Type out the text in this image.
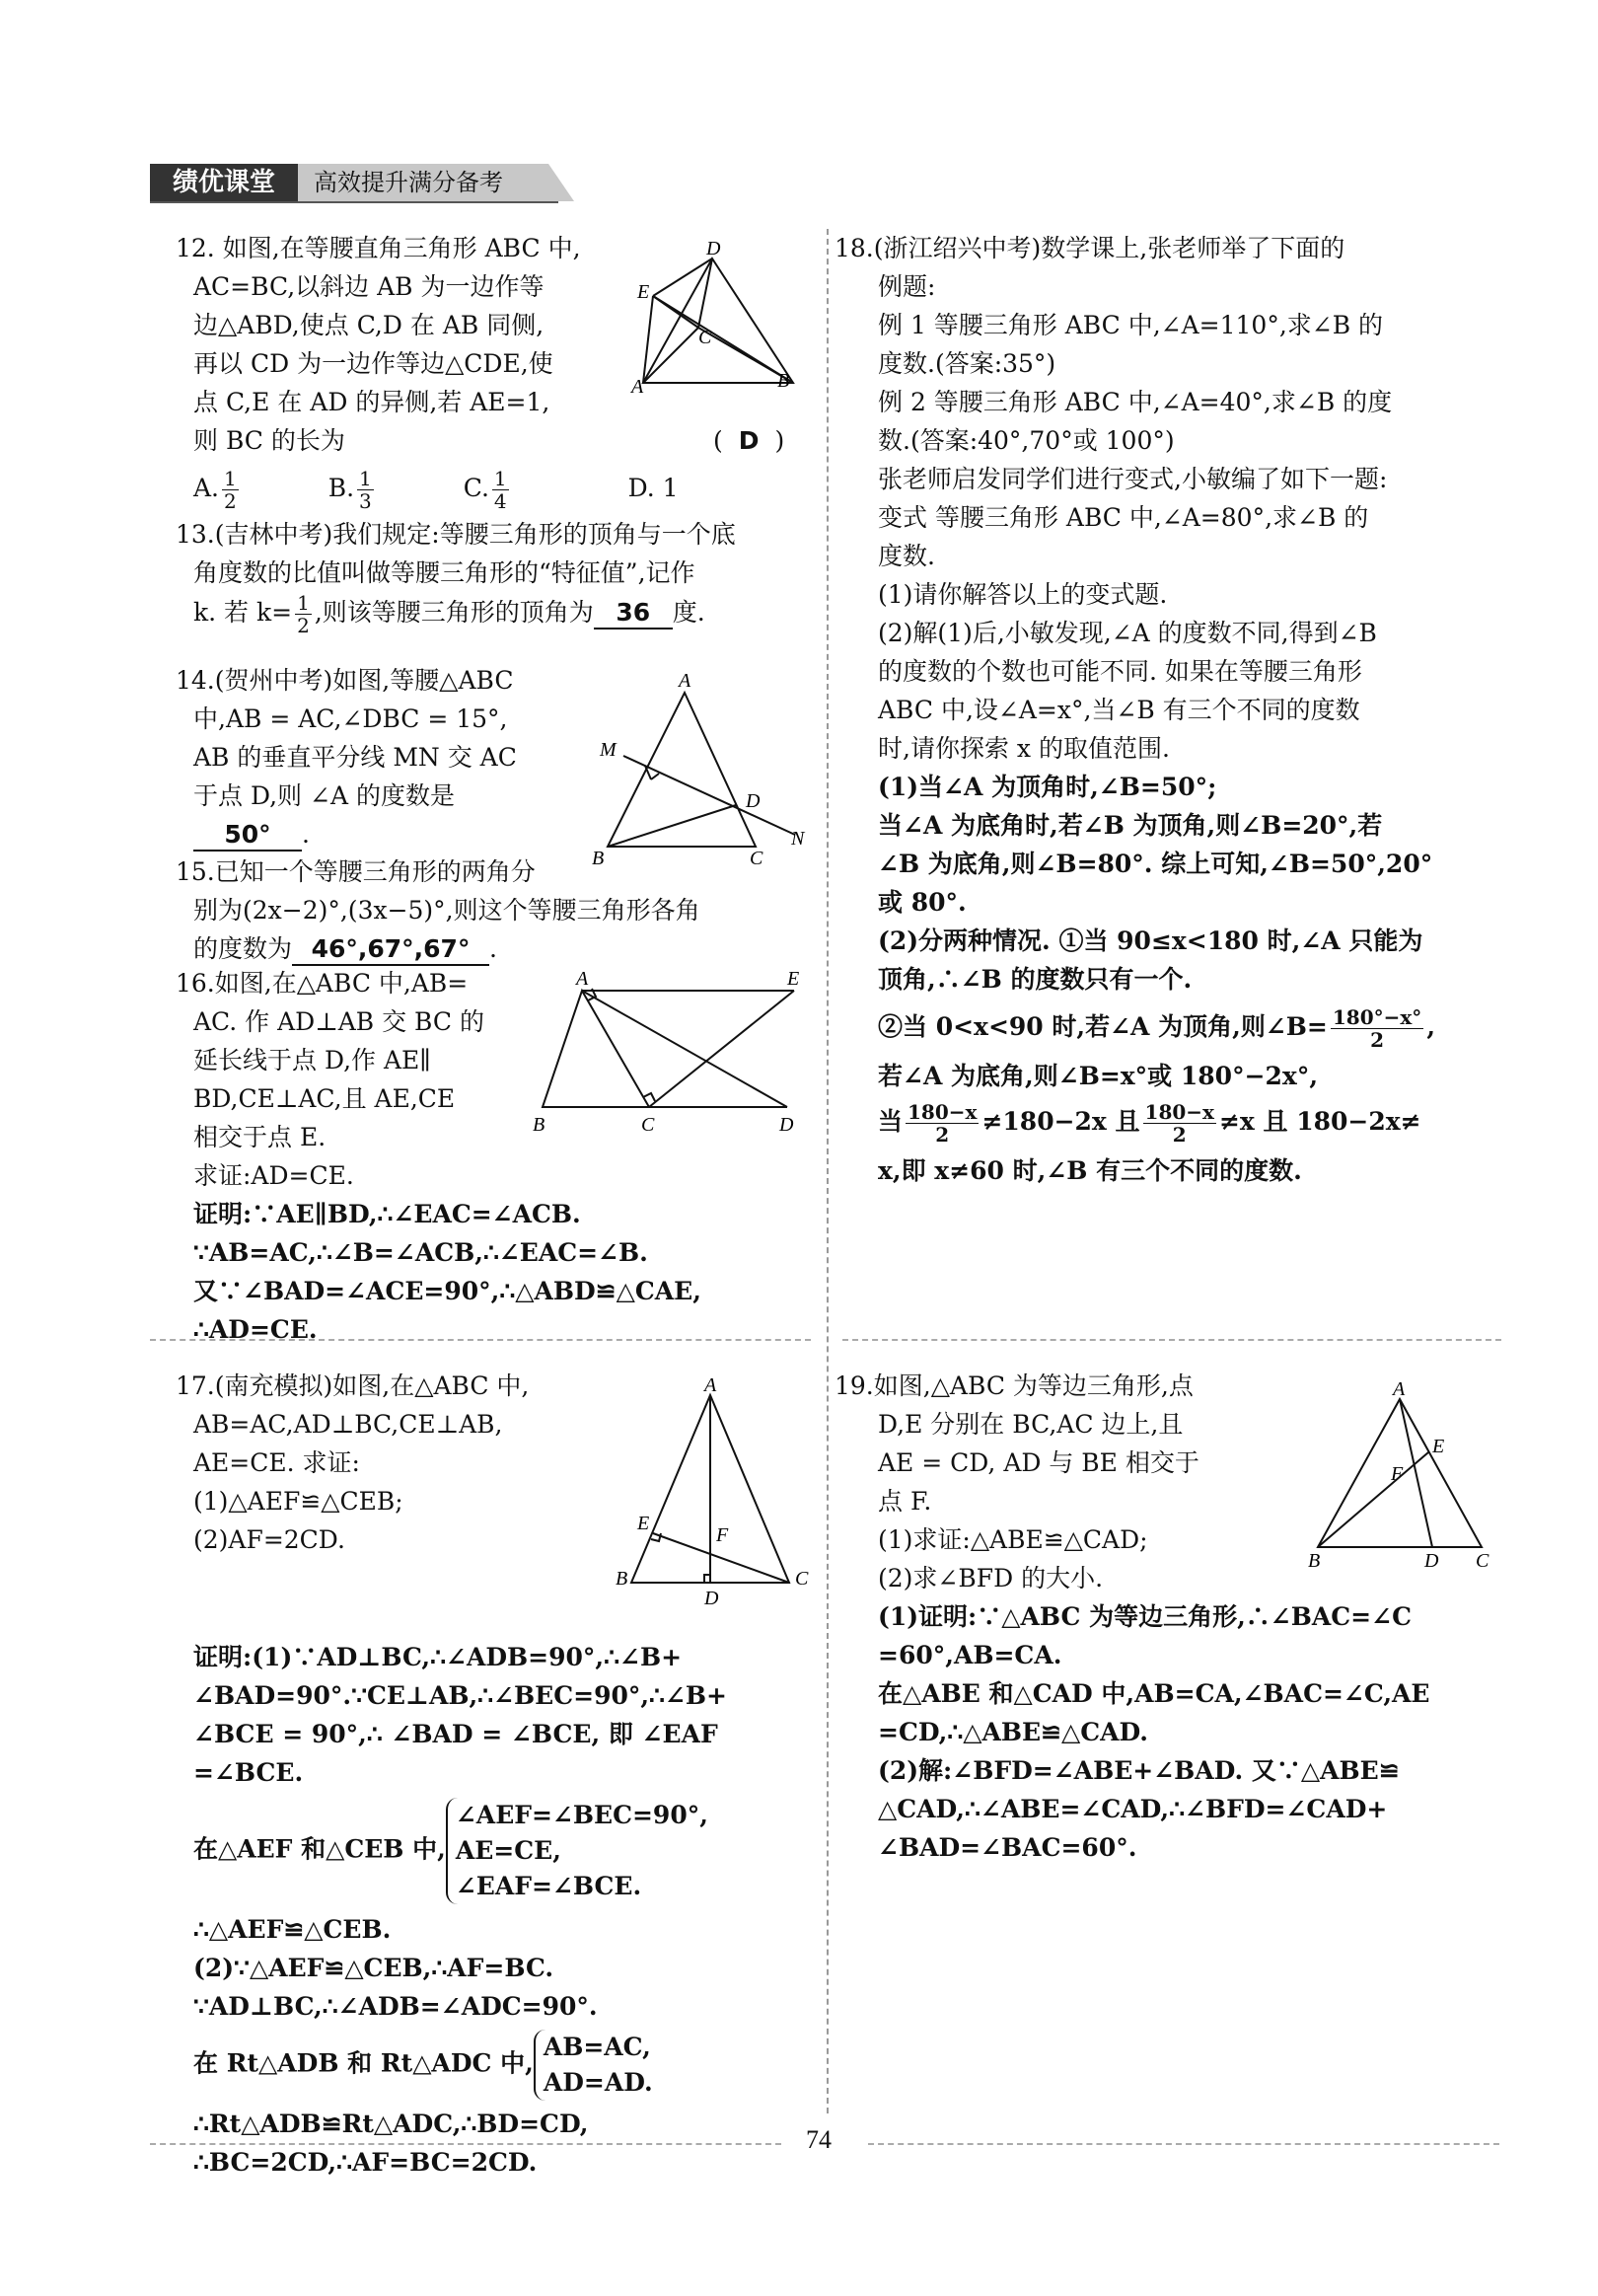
绩优课堂	高效提升满分备考

12. 如图,在等腰直角三角形 ABC 中,

AC=BC,以斜边 AB 为一边作等

边△ABD,使点 C,D 在 AB 同侧,

再以 CD 为一边作等边△CDE,使

点 C,E 在 AD 的异侧,若 AE=1,

则 BC 的长为	( D )

A. $\frac{1}{2}$	B. $\frac{1}{3}$	C. $\frac{1}{4}$	D. 1

D
E
C
A	B

13.(吉林中考)我们规定:等腰三角形的顶角与一个底

角度数的比值叫做等腰三角形的“特征值”,记作

k. 若 $k= \frac{1}{2}$ ,则该等腰三角形的顶角为 36 度.

14.(贺州中考)如图,等腰△ABC

中,AB = AC,∠DBC = 15°,

AB 的垂直平分线 MN 交 AC

于点 D,则 ∠A 的度数是

50° .

A
M
D
B	C
N

15.已知一个等腰三角形的两角分

别为(2x−2)°,(3x−5)°,则这个等腰三角形各角

的度数为 46°,67°,67° .

16.如图,在△ABC 中,AB=

AC. 作 AD⊥AB 交 BC 的

延长线于点 D,作 AE∥

BD,CE⊥AC,且 AE,CE

相交于点 E.

求证:AD=CE.

证明:∵AE∥BD,∴∠EAC=∠ACB.

∵AB=AC,∴∠B=∠ACB,∴∠EAC=∠B.

又∵∠BAD=∠ACE=90°,∴△ABD≌△CAE,

∴AD=CE.

A	E
B	C	D

17.(南充模拟)如图,在△ABC 中,

AB=AC,AD⊥BC,CE⊥AB,

AE=CE. 求证:

(1)△AEF≌△CEB;

(2)AF=2CD.

证明:(1)∵AD⊥BC,∴∠ADB=90°,∴∠B+

∠BAD=90°.∵CE⊥AB,∴∠BEC=90°,∴∠B+

∠BCE = 90°,∴ ∠BAD = ∠BCE, 即 ∠EAF

=∠BCE.

在△AEF 和△CEB 中,
∠AEF=∠BEC=90°,
AE=CE,
∠EAF=∠BCE.

∴△AEF≌△CEB.

(2)∵△AEF≌△CEB,∴AF=BC.

∵AD⊥BC,∴∠ADB=∠ADC=90°.

在 Rt△ADB 和 Rt△ADC 中,
AB=AC,
AD=AD.

∴Rt△ADB≌Rt△ADC,∴BD=CD,

∴BC=2CD,∴AF=BC=2CD.

A
E
F
B	C
D

18.(浙江绍兴中考)数学课上,张老师举了下面的

例题:

例 1 等腰三角形 ABC 中,∠A=110°,求∠B 的

度数.(答案:35°)

例 2 等腰三角形 ABC 中,∠A=40°,求∠B 的度

数.(答案:40°,70°或 100°)

张老师启发同学们进行变式,小敏编了如下一题:

变式 等腰三角形 ABC 中,∠A=80°,求∠B 的

度数.

(1)请你解答以上的变式题.

(2)解(1)后,小敏发现,∠A 的度数不同,得到∠B

的度数的个数也可能不同. 如果在等腰三角形

ABC 中,设∠A=x°,当∠B 有三个不同的度数

时,请你探索 x 的取值范围.

(1)当∠A 为顶角时,∠B=50°;

当∠A 为底角时,若∠B 为顶角,则∠B=20°,若

∠B 为底角,则∠B=80°. 综上可知,∠B=50°,20°

或 80°.

(2)分两种情况. ①当 90≤x<180 时,∠A 只能为

顶角,∴∠B 的度数只有一个.

②当 0<x<90 时,若∠A 为顶角,则∠B= $\frac{180^\circ-x^\circ}{2}$ ,

若∠A 为底角,则∠B=x°或 180°−2x°,

当 $\frac{180-x}{2} \ne 180-2x$ 且 $\frac{180-x}{2} \ne x$ 且 180−2x≠

x,即 x≠60 时,∠B 有三个不同的度数.

19.如图,△ABC 为等边三角形,点

D,E 分别在 BC,AC 边上,且

AE = CD, AD 与 BE 相交于

点 F.

(1)求证:△ABE≌△CAD;

(2)求∠BFD 的大小.

(1)证明:∵△ABC 为等边三角形,∴∠BAC=∠C

=60°,AB=CA.

在△ABE 和△CAD 中,AB=CA,∠BAC=∠C,AE

=CD,∴△ABE≌△CAD.

(2)解:∠BFD=∠ABE+∠BAD. 又∵△ABE≌

△CAD,∴∠ABE=∠CAD,∴∠BFD=∠CAD+

∠BAD=∠BAC=60°.

A
E
F
B	D C
74
